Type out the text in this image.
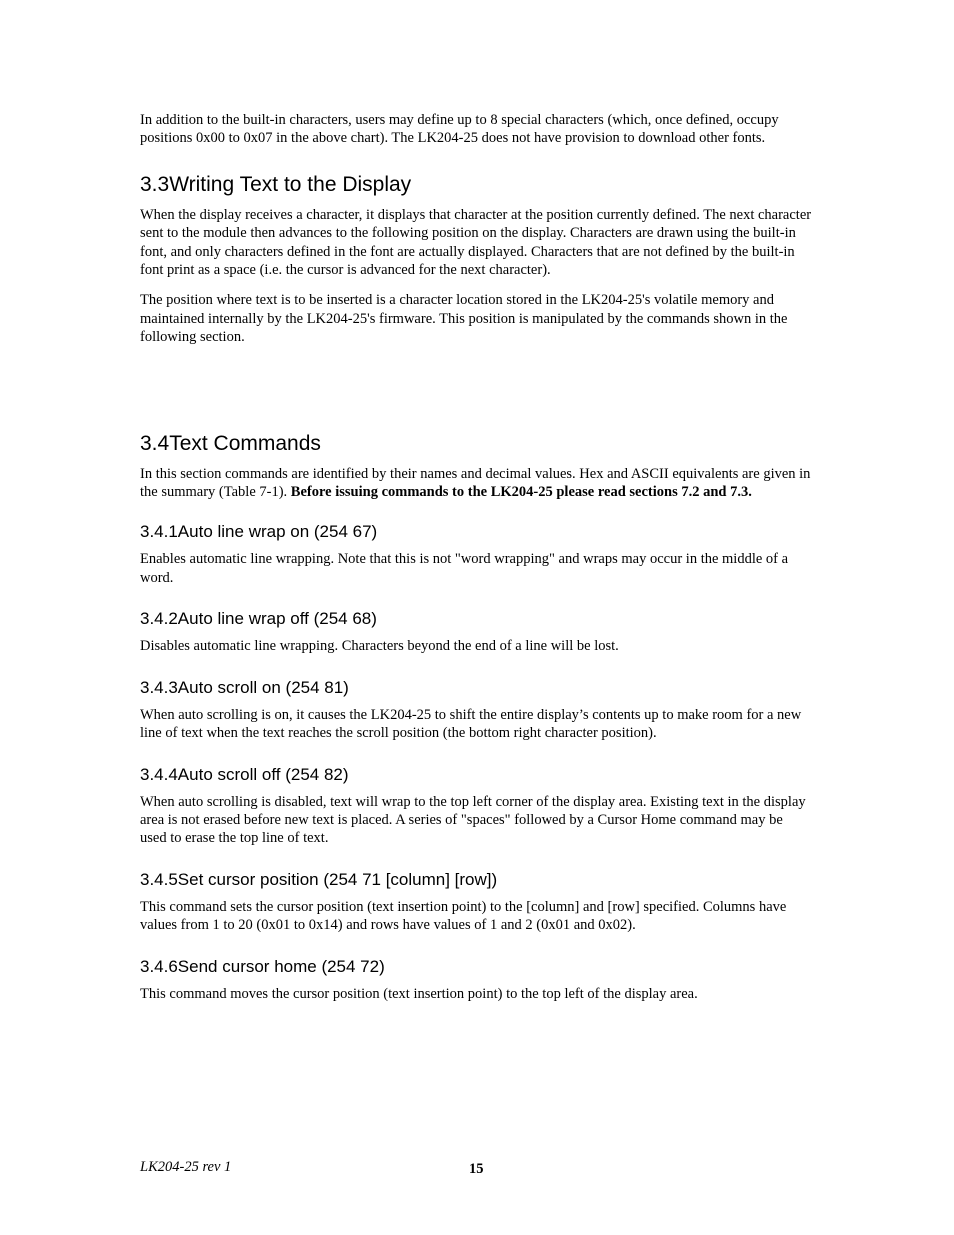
In addition to the built-in characters, users may define up to 8 special characters (which, once defined, occupy positions 0x00 to 0x07 in the above chart). The LK204-25 does not have provision to download other fonts.

3.3Writing Text to the Display

When the display receives a character, it displays that character at the position currently defined. The next character sent to the module then advances to the following position on the display. Characters are drawn using the built-in font, and only characters defined in the font are actually displayed. Characters that are not defined by the built-in font print as a space (i.e. the cursor is advanced for the next character).

The position where text is to be inserted is a character location stored in the LK204-25's volatile memory and maintained internally by the LK204-25's firmware. This position is manipulated by the commands shown in the following section.

3.4Text Commands

In this section commands are identified by their names and decimal values. Hex and ASCII equivalents are given in the summary (Table 7-1). Before issuing commands to the LK204-25 please read sections 7.2 and 7.3.

3.4.1Auto line wrap on (254 67)

Enables automatic line wrapping. Note that this is not "word wrapping" and wraps may occur in the middle of a word.

3.4.2Auto line wrap off (254 68)

Disables automatic line wrapping. Characters beyond the end of a line will be lost.

3.4.3Auto scroll on (254 81)

When auto scrolling is on, it causes the LK204-25 to shift the entire display’s contents up to make room for a new line of text when the text reaches the scroll position (the bottom right character position).

3.4.4Auto scroll off (254 82)

When auto scrolling is disabled, text will wrap to the top left corner of the display area. Existing text in the display area is not erased before new text is placed. A series of "spaces" followed by a Cursor Home command may be used to erase the top line of text.

3.4.5Set cursor position (254 71 [column] [row])

This command sets the cursor position (text insertion point) to the [column] and [row] specified. Columns have values from 1 to 20 (0x01 to 0x14) and rows have values of 1 and 2 (0x01 and 0x02).

3.4.6Send cursor home (254 72)

This command moves the cursor position (text insertion point) to the top left of the display area.

LK204-25 rev 1	15
